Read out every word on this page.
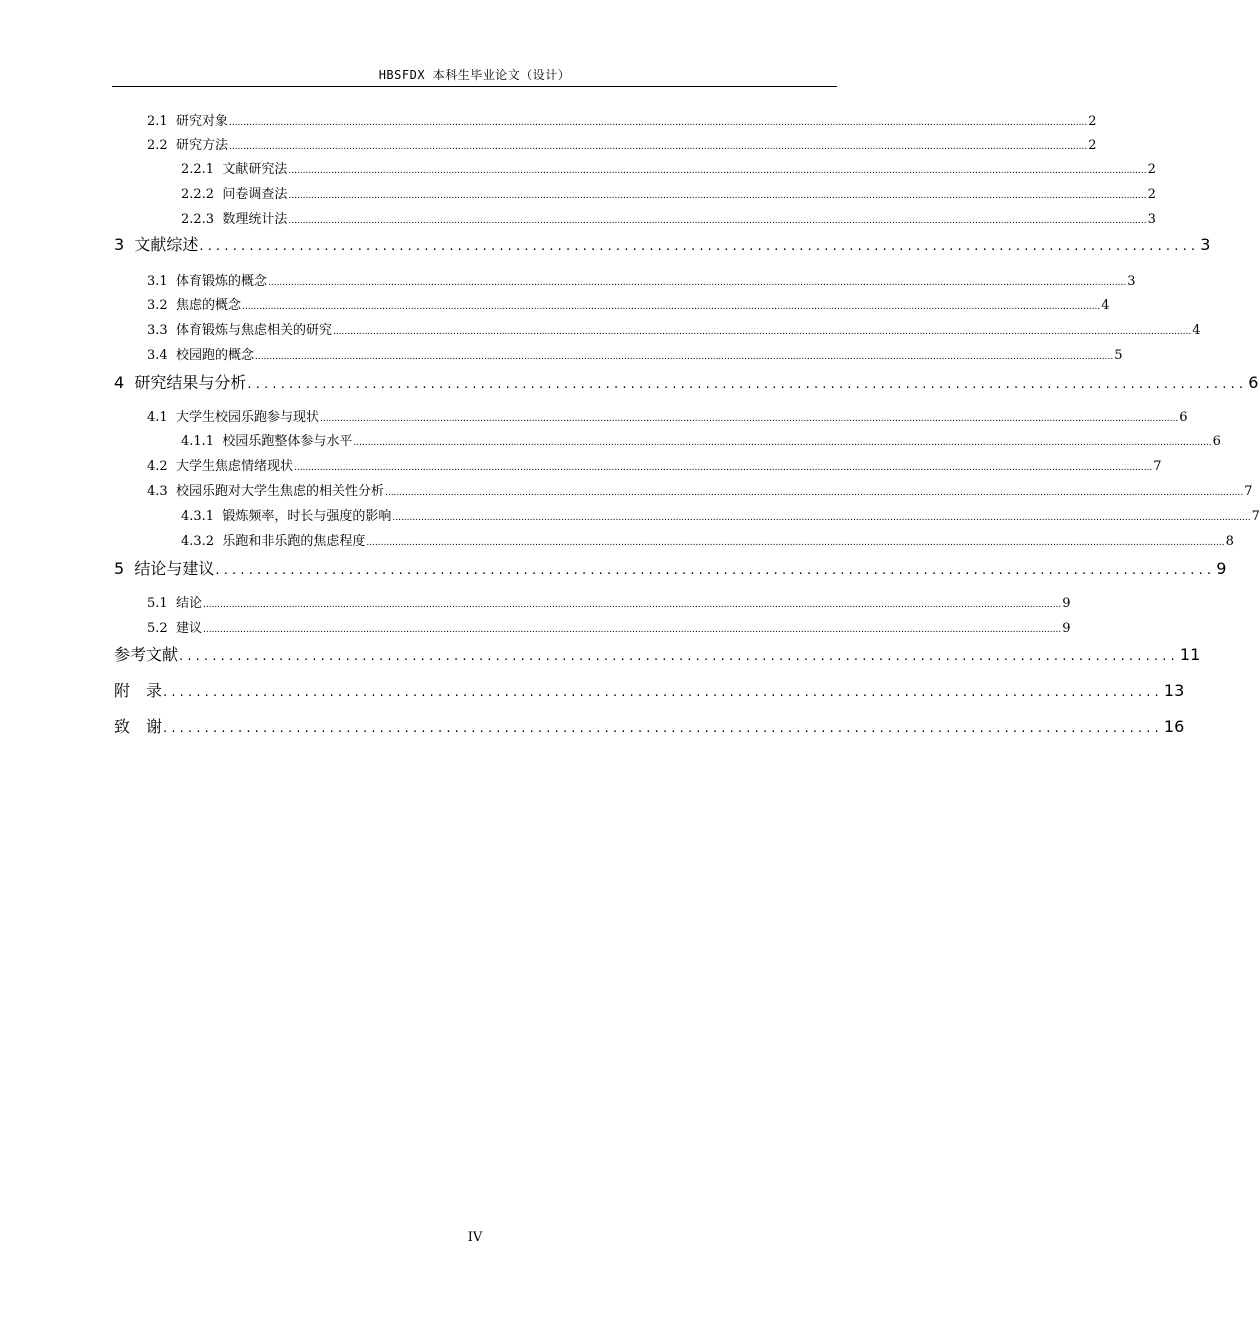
HBSFDX 本科生毕业论文（设计）
2.1 研究对象 ............................................................................................................................................................................................................................................................................................................ 2
2.2 研究方法 ............................................................................................................................................................................................................................................................................................................ 2
2.2.1 文献研究法 ............................................................................................................................................................................................................................................................................................................ 2
2.2.2 问卷调查法 ............................................................................................................................................................................................................................................................................................................ 2
2.2.3 数理统计法 ............................................................................................................................................................................................................................................................................................................ 3
3 文献综述 ........................................................................................................................ 3
3.1 体育锻炼的概念 ............................................................................................................................................................................................................................................................................................................ 3
3.2 焦虑的概念 ............................................................................................................................................................................................................................................................................................................ 4
3.3 体育锻炼与焦虑相关的研究 ............................................................................................................................................................................................................................................................................................................ 4
3.4 校园跑的概念 ............................................................................................................................................................................................................................................................................................................ 5
4 研究结果与分析 ........................................................................................................................ 6
4.1 大学生校园乐跑参与现状 ............................................................................................................................................................................................................................................................................................................ 6
4.1.1 校园乐跑整体参与水平 ............................................................................................................................................................................................................................................................................................................ 6
4.2 大学生焦虑情绪现状 ............................................................................................................................................................................................................................................................................................................ 7
4.3 校园乐跑对大学生焦虑的相关性分析 ............................................................................................................................................................................................................................................................................................................ 7
4.3.1 锻炼频率，时长与强度的影响 ............................................................................................................................................................................................................................................................................................................ 7
4.3.2 乐跑和非乐跑的焦虑程度 ............................................................................................................................................................................................................................................................................................................ 8
5 结论与建议 ........................................................................................................................ 9
5.1 结论 ............................................................................................................................................................................................................................................................................................................ 9
5.2 建议 ............................................................................................................................................................................................................................................................................................................ 9
参考文献 ........................................................................................................................ 11
附　录 ........................................................................................................................ 13
致　谢 ........................................................................................................................ 16
IV
